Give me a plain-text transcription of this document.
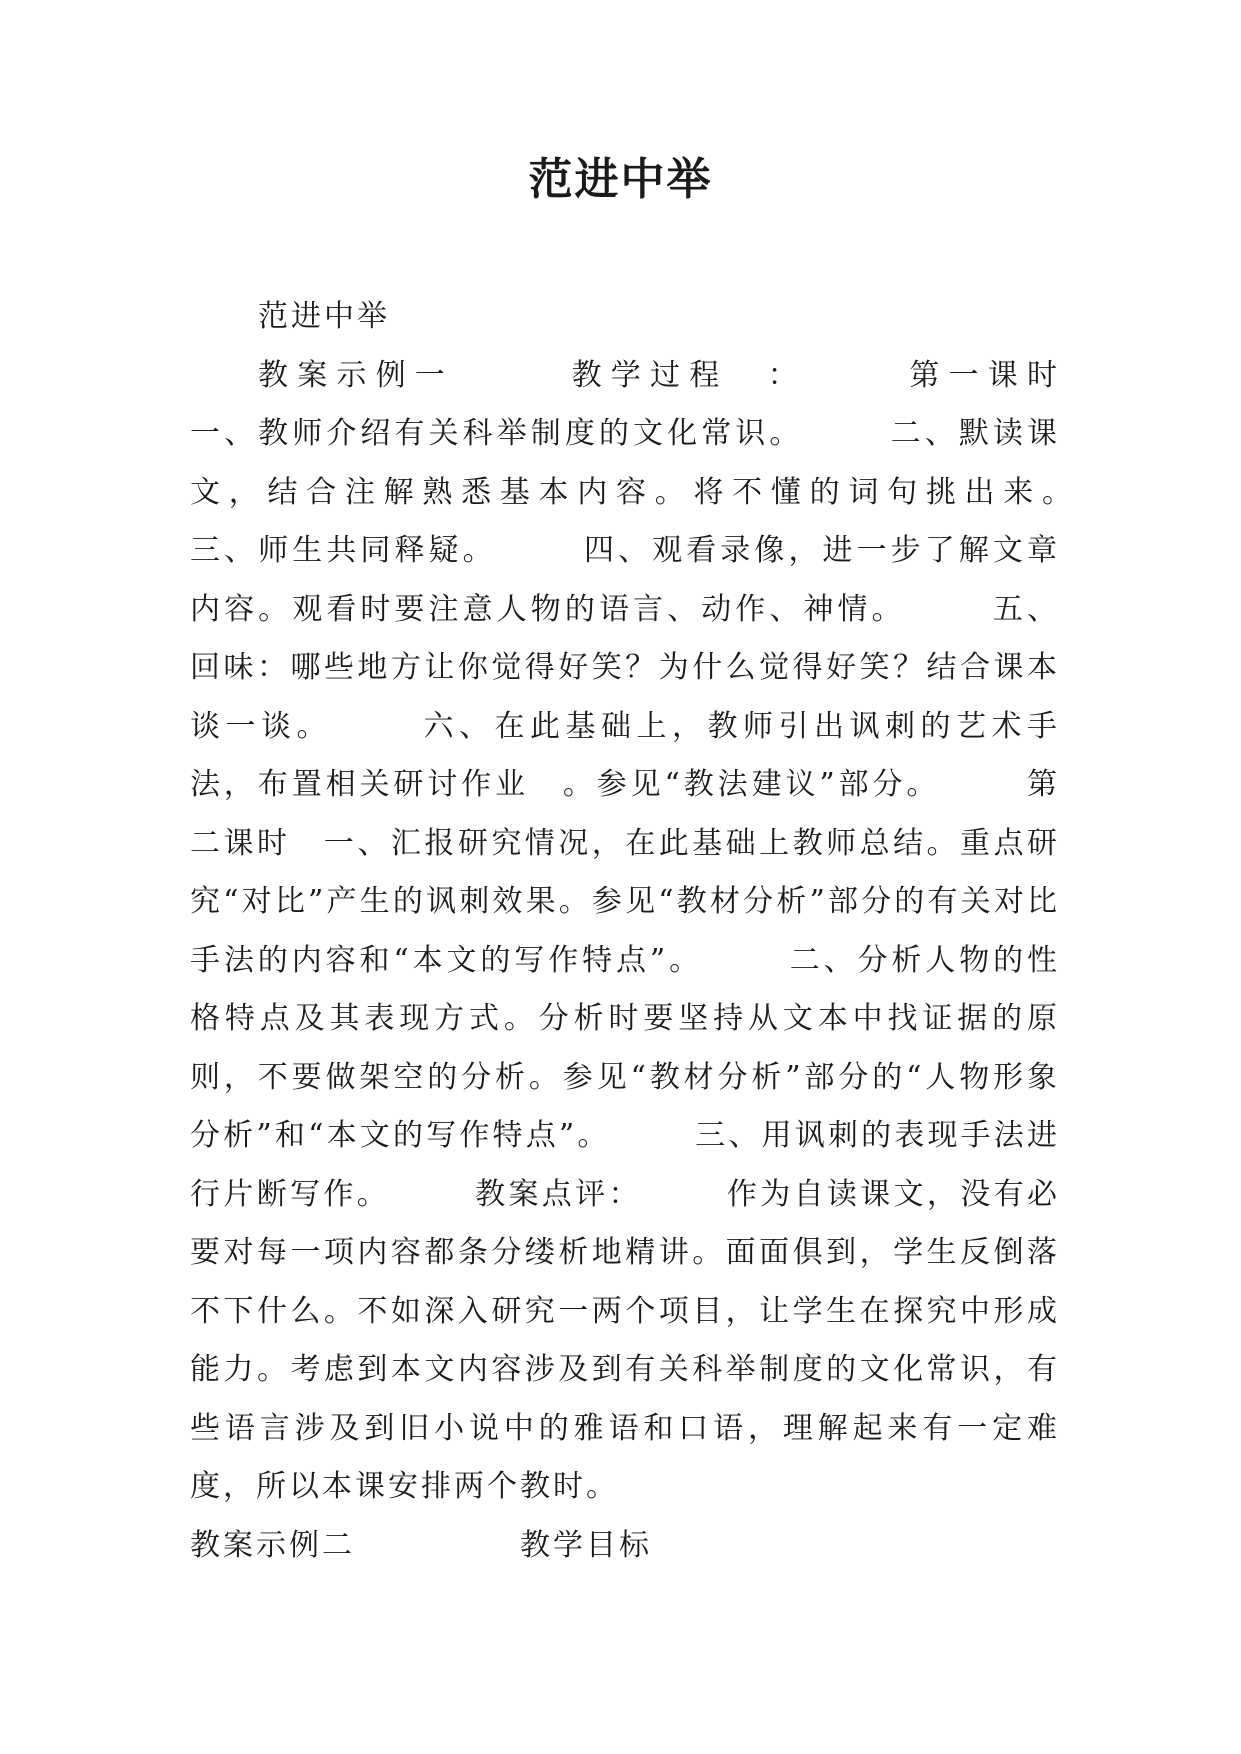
范进中举

范进中举

教案示例一　　　教学过程　：　　　第一课时　　　一、教师介绍有关科举制度的文化常识。　　　二、默读课文，结合注解熟悉基本内容。将不懂的词句挑出来。　　　三、师生共同释疑。　　　四、观看录像，进一步了解文章内容。观看时要注意人物的语言、动作、神情。　　　五、回味：哪些地方让你觉得好笑？为什么觉得好笑？结合课本谈一谈。　　　六、在此基础上，教师引出讽刺的艺术手法，布置相关研讨作业　。参见“教法建议”部分。　　　第二课时　一、汇报研究情况，在此基础上教师总结。重点研究“对比”产生的讽刺效果。参见“教材分析”部分的有关对比手法的内容和“本文的写作特点”。　　　二、分析人物的性格特点及其表现方式。分析时要坚持从文本中找证据的原则，不要做架空的分析。参见“教材分析”部分的“人物形象分析”和“本文的写作特点”。　　　三、用讽刺的表现手法进行片断写作。　　　教案点评：　　　作为自读课文，没有必要对每一项内容都条分缕析地精讲。面面俱到，学生反倒落不下什么。不如深入研究一两个项目，让学生在探究中形成能力。考虑到本文内容涉及到有关科举制度的文化常识，有些语言涉及到旧小说中的雅语和口语，理解起来有一定难度，所以本课安排两个教时。

教案示例二　　　　　教学目标
